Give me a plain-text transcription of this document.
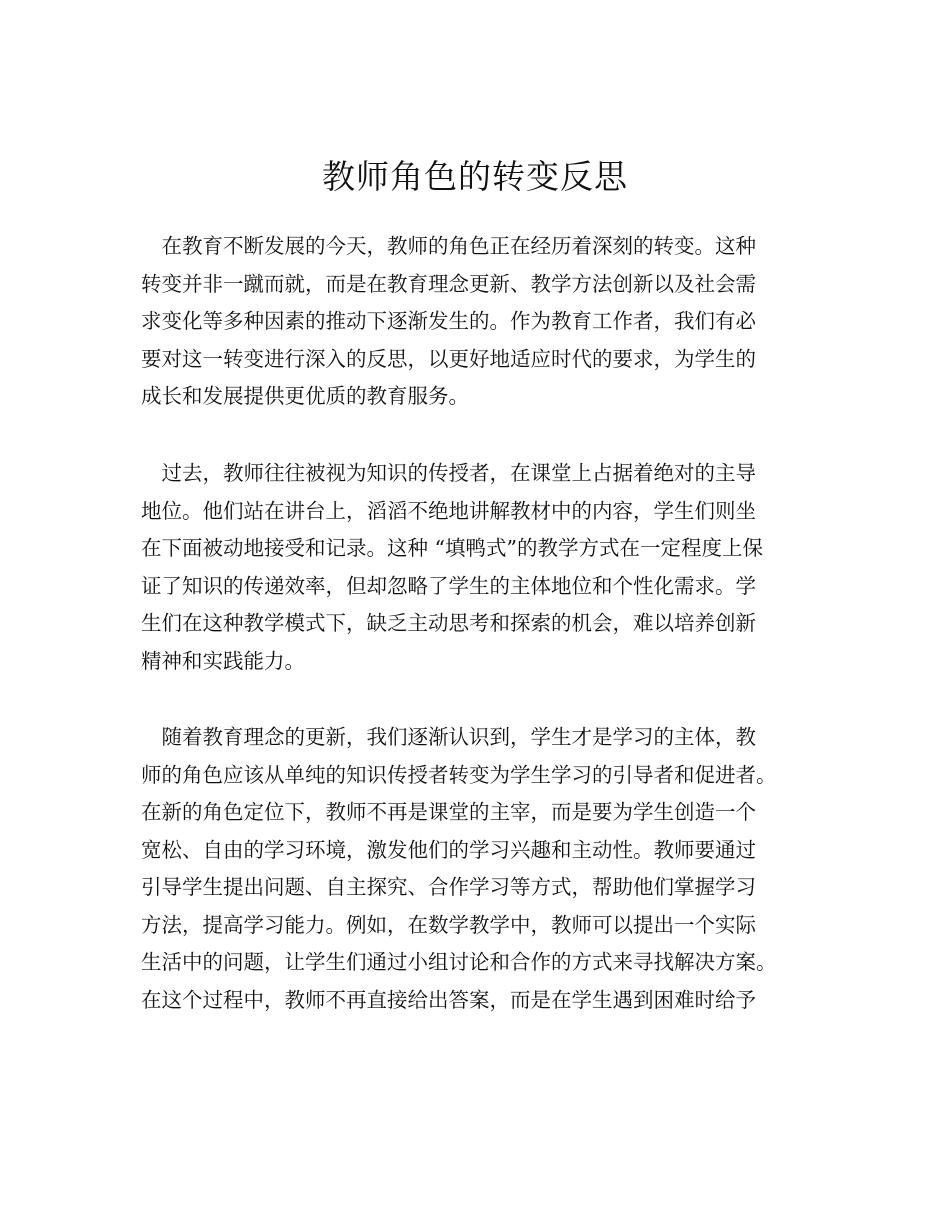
教师角色的转变反思
　在教育不断发展的今天，教师的角色正在经历着深刻的转变。这种
转变并非一蹴而就，而是在教育理念更新、教学方法创新以及社会需
求变化等多种因素的推动下逐渐发生的。作为教育工作者，我们有必
要对这一转变进行深入的反思，以更好地适应时代的要求，为学生的
成长和发展提供更优质的教育服务。
　过去，教师往往被视为知识的传授者，在课堂上占据着绝对的主导
地位。他们站在讲台上，滔滔不绝地讲解教材中的内容，学生们则坐
在下面被动地接受和记录。这种 “填鸭式”的教学方式在一定程度上保
证了知识的传递效率，但却忽略了学生的主体地位和个性化需求。学
生们在这种教学模式下，缺乏主动思考和探索的机会，难以培养创新
精神和实践能力。
　随着教育理念的更新，我们逐渐认识到，学生才是学习的主体，教
师的角色应该从单纯的知识传授者转变为学生学习的引导者和促进者。
在新的角色定位下，教师不再是课堂的主宰，而是要为学生创造一个
宽松、自由的学习环境，激发他们的学习兴趣和主动性。教师要通过
引导学生提出问题、自主探究、合作学习等方式，帮助他们掌握学习
方法，提高学习能力。例如，在数学教学中，教师可以提出一个实际
生活中的问题，让学生们通过小组讨论和合作的方式来寻找解决方案。
在这个过程中，教师不再直接给出答案，而是在学生遇到困难时给予
